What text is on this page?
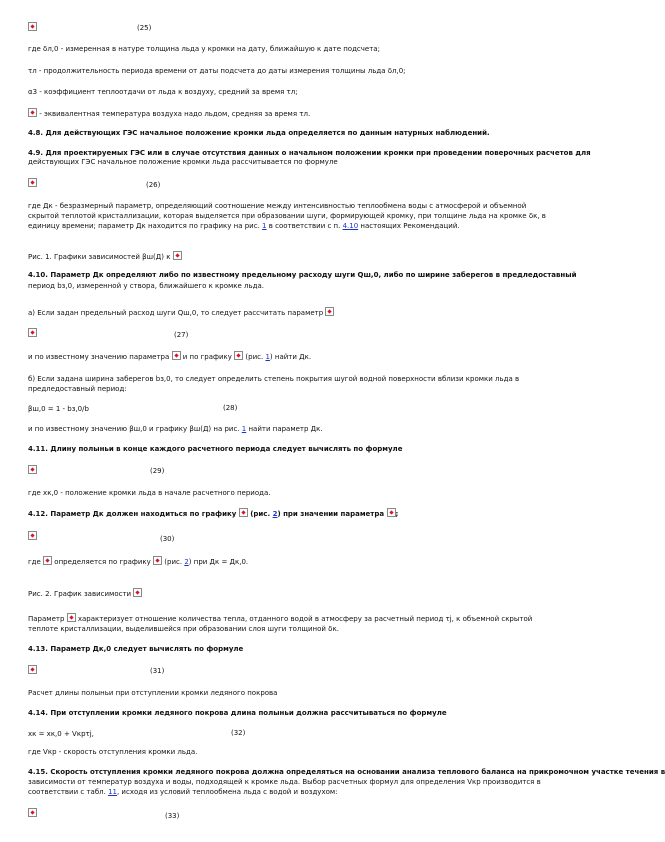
(25)

где δл,0 - измеренная в натуре толщина льда у кромки на дату, ближайшую к дате подсчета;

τл - продолжительность периода времени от даты подсчета до даты измерения толщины льда δл,0;

α3 - коэффициент теплоотдачи от льда к воздуху, средний за время τл;

- эквивалентная температура воздуха надо льдом, средняя за время τл.

4.8. Для действующих ГЭС начальное положение кромки льда определяется по данным натурных наблюдений.

4.9. Для проектируемых ГЭС или в случае отсутствия данных о начальном положении кромки при проведении поверочных расчетов для

действующих ГЭС начальное положение кромки льда рассчитывается по формуле

(26)

где Дк - безразмерный параметр, определяющий соотношение между интенсивностью теплообмена воды с атмосферой и объемной

скрытой теплотой кристаллизации, которая выделяется при образовании шуги, формирующей кромку, при толщине льда на кромке δк, в

единицу времени; параметр Дк находится по графику на рис. 1 в соответствии с п. 4.10 настоящих Рекомендаций.

Рис. 1. Графики зависимостей βш(Д) к

4.10. Параметр Дк определяют либо по известному предельному расходу шуги Qш,0, либо по ширине заберегов в предледоставный

период bз,0, измеренной у створа, ближайшего к кромке льда.

а) Если задан предельный расход шуги Qш,0, то следует рассчитать параметр

(27)

и по известному значению параметра и по графику (рис. 1) найти Дк.

б) Если задана ширина заберегов bз,0, то следует определить степень покрытия шугой водной поверхности вблизи кромки льда в

предледоставный период:

βш,0 = 1 - bз,0/b	(28)

и по известному значению βш,0 и графику βш(Д) на рис. 1 найти параметр Дк.

4.11. Длину полыньи в конце каждого расчетного периода следует вычислять по формуле

(29)

где хк,0 - положение кромки льда в начале расчетного периода.

4.12. Параметр Дк должен находиться по графику (рис. 2) при значении параметра ;

(30)

где определяется по графику (рис. 2) при Дк = Дк,0.

Рис. 2. График зависимости

Параметр характеризует отношение количества тепла, отданного водой в атмосферу за расчетный период τj, к объемной скрытой

теплоте кристаллизации, выделившейся при образовании слоя шуги толщиной δк.

4.13. Параметр Дк,0 следует вычислять по формуле

(31)

Расчет длины полыньи при отступлении кромки ледяного покрова

4.14. При отступлении кромки ледяного покрова длина полыньи должна рассчитываться по формуле

хк = хк,0 + Vкрτj,	(32)

где Vкр - скорость отступления кромки льда.

4.15. Скорость отступления кромки ледяного покрова должна определяться на основании анализа теплового баланса на прикромочном участке течения в

зависимости от температур воздуха и воды, подходящей к кромке льда. Выбор расчетных формул для определения Vкр производится в

соответствии с табл. 11, исходя из условий теплообмена льда с водой и воздухом:

(33)
